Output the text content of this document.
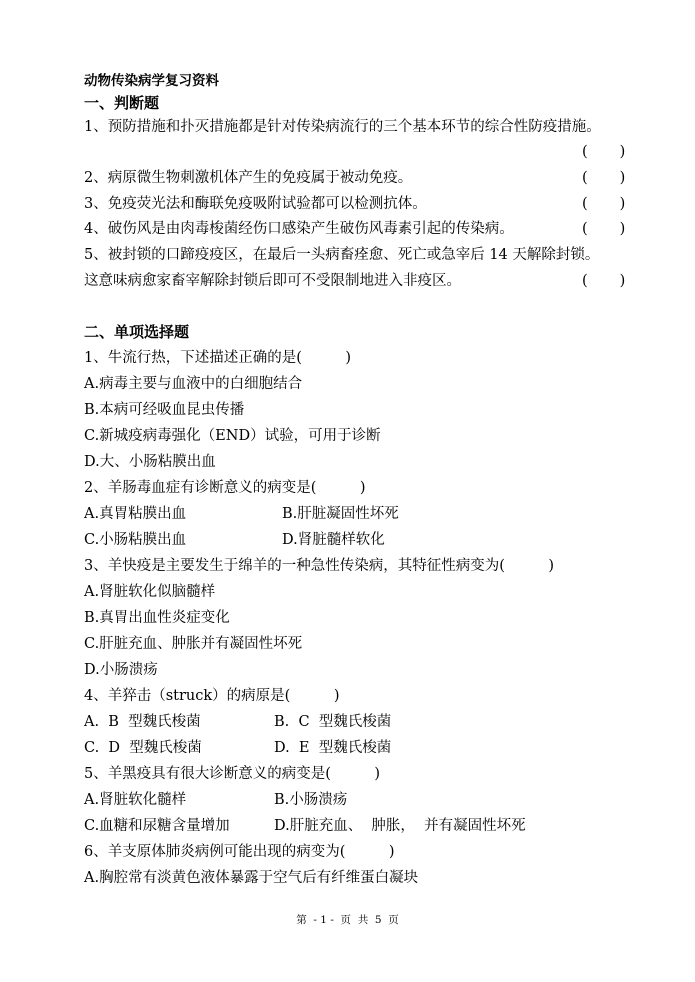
动物传染病学复习资料
一、判断题
1、预防措施和扑灭措施都是针对传染病流行的三个基本环节的综合性防疫措施。
( )
2、病原微生物刺激机体产生的免疫属于被动免疫。	( )
3、免疫荧光法和酶联免疫吸附试验都可以检测抗体。	( )
4、破伤风是由肉毒梭菌经伤口感染产生破伤风毒素引起的传染病。	( )
5、被封锁的口蹄疫疫区，在最后一头病畜痊愈、死亡或急宰后 14 天解除封锁。
这意味病愈家畜宰解除封锁后即可不受限制地进入非疫区。	( )
二、单项选择题
1、牛流行热，下述描述正确的是(　　　)
A.病毒主要与血液中的白细胞结合
B.本病可经吸血昆虫传播
C.新城疫病毒强化（END）试验，可用于诊断
D.大、小肠粘膜出血
2、羊肠毒血症有诊断意义的病变是(　　　)
A.真胃粘膜出血	B.肝脏凝固性坏死
C.小肠粘膜出血	D.肾脏髓样软化
3、羊快疫是主要发生于绵羊的一种急性传染病，其特征性病变为(　　　)
A.肾脏软化似脑髓样
B.真胃出血性炎症变化
C.肝脏充血、肿胀并有凝固性坏死
D.小肠溃疡
4、羊猝击（struck）的病原是(　　　)
A.  B  型魏氏梭菌	B.  C  型魏氏梭菌
C.  D  型魏氏梭菌	D.  E  型魏氏梭菌
5、羊黑疫具有很大诊断意义的病变是(　　　)
A.肾脏软化髓样	B.小肠溃疡
C.血糖和尿糖含量增加	D.肝脏充血、  肿胀，  并有凝固性坏死
6、羊支原体肺炎病例可能出现的病变为(　　　)
A.胸腔常有淡黄色液体暴露于空气后有纤维蛋白凝块
第  - 1 -  页  共  5  页
